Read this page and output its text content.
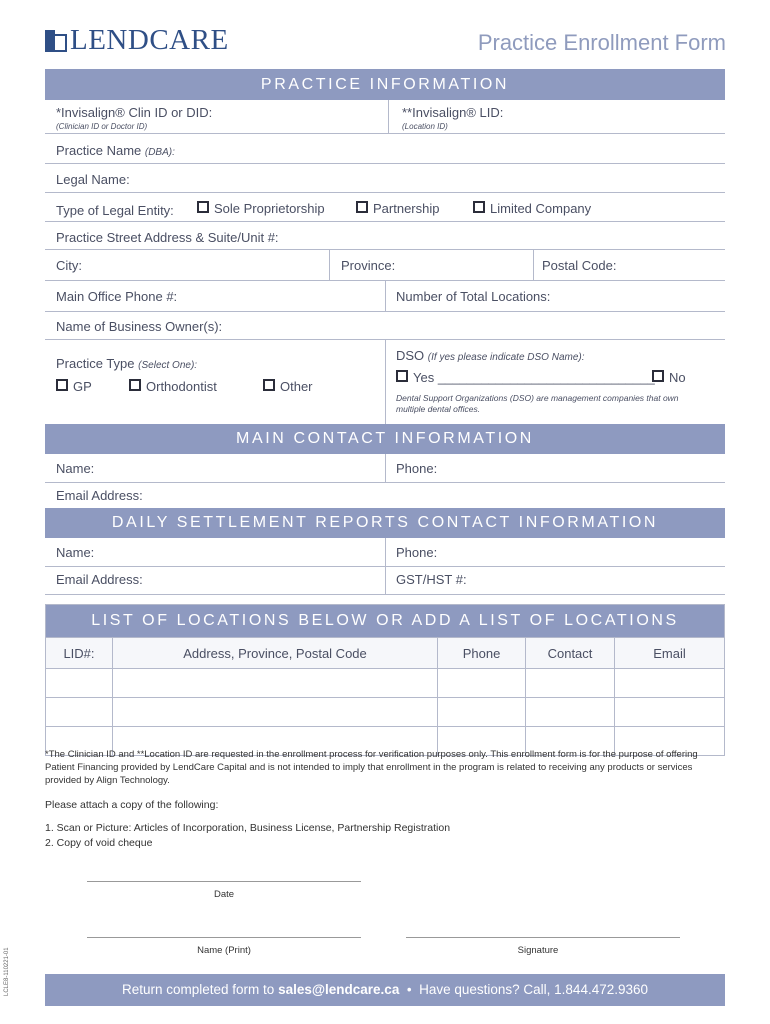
LENDCARE	Practice Enrollment Form
PRACTICE INFORMATION
*Invisalign® Clin ID or DID:
(Clinician ID or Doctor ID)
**Invisalign® LID:
(Location ID)
Practice Name (DBA):
Legal Name:
Type of Legal Entity:	Sole Proprietorship	Partnership	Limited Company
Practice Street Address & Suite/Unit #:
City:	Province:	Postal Code:
Main Office Phone #:	Number of Total Locations:
Name of Business Owner(s):
Practice Type (Select One):
GP	Orthodontist	Other
DSO (If yes please indicate DSO Name):
Yes ______________________________	No
Dental Support Organizations (DSO) are management companies that own multiple dental offices.
MAIN CONTACT INFORMATION
Name:	Phone:
Email Address:
DAILY SETTLEMENT REPORTS CONTACT INFORMATION
Name:	Phone:
Email Address:	GST/HST #:
LIST OF LOCATIONS BELOW OR ADD A LIST OF LOCATIONS				
LID#:	Address, Province, Postal Code	Phone	Contact	Email

*The Clinician ID and **Location ID are requested in the enrollment process for verification purposes only. This enrollment form is for the purpose of offering Patient Financing provided by LendCare Capital and is not intended to imply that enrollment in the program is related to receiving any products or services provided by Align Technology.
Please attach a copy of the following:
1. Scan or Picture: Articles of Incorporation, Business License, Partnership Registration
2. Copy of void cheque
Date
Name (Print)	Signature
LCLE8-110221-01	Return completed form to sales@lendcare.ca • Have questions? Call, 1.844.472.9360
